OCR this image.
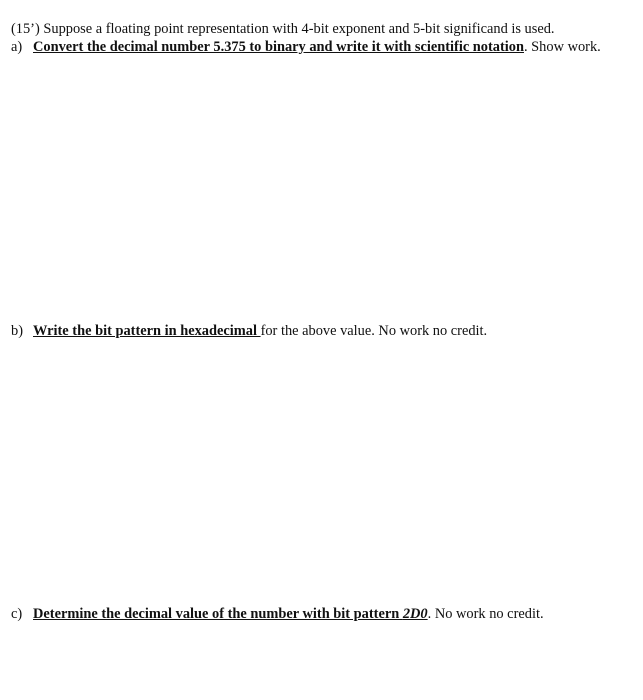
(15’) Suppose a floating point representation with 4-bit exponent and 5-bit significand is used.
a) Convert the decimal number 5.375 to binary and write it with scientific notation. Show work.
b) Write the bit pattern in hexadecimal for the above value. No work no credit.
c) Determine the decimal value of the number with bit pattern 2D0. No work no credit.
